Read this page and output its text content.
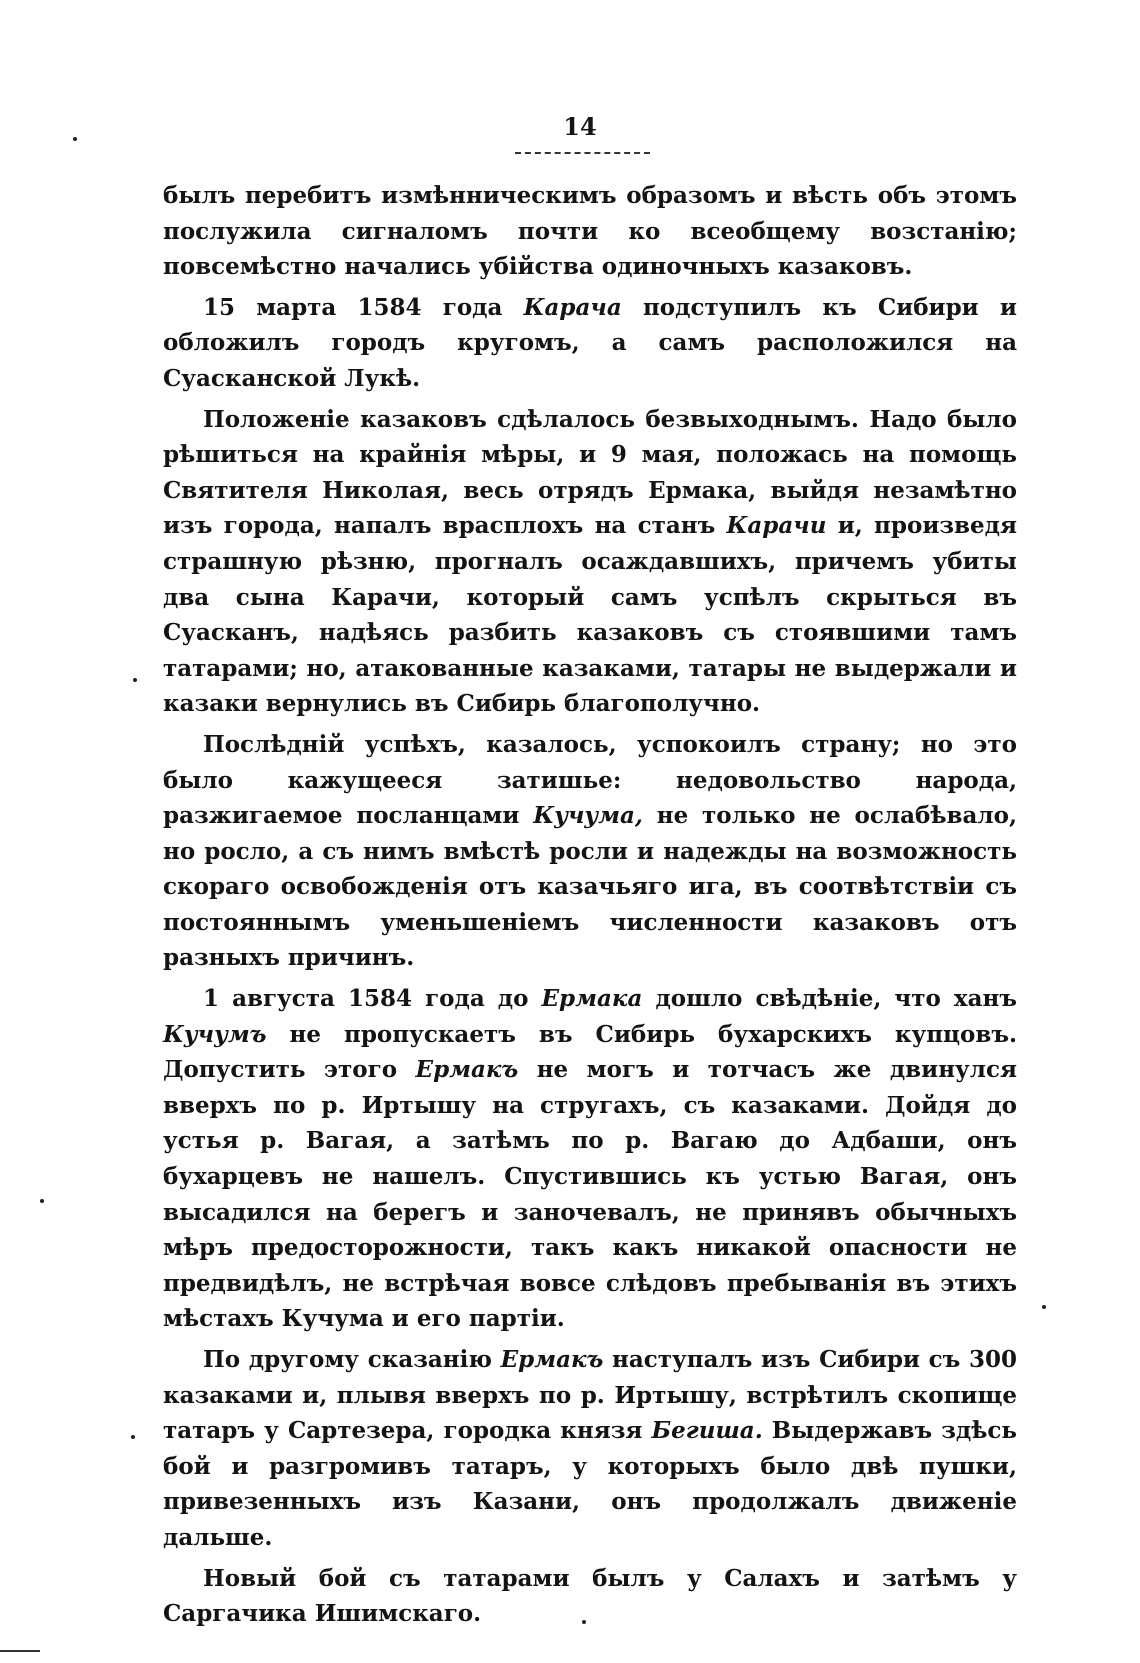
14

былъ перебитъ измѣнническимъ образомъ и вѣсть объ этомъ послужила сигналомъ почти ко всеобщему возстанію; повсемѣстно начались убійства одиночныхъ казаковъ.

15 марта 1584 года Карача подступилъ къ Сибири и обложилъ городъ кругомъ, а самъ расположился на Суасканской Лукѣ.

Положеніе казаковъ сдѣлалось безвыходнымъ. Надо было рѣшиться на крайнія мѣры, и 9 мая, положась на помощь Святителя Николая, весь отрядъ Ермака, выйдя незамѣтно изъ города, напалъ врасплохъ на станъ Карачи и, произведя страшную рѣзню, прогналъ осаждавшихъ, причемъ убиты два сына Карачи, который самъ успѣлъ скрыться въ Суасканъ, надѣясь разбить казаковъ съ стоявшими тамъ татарами; но, атакованные казаками, татары не выдержали и казаки вернулись въ Сибирь благополучно.

Послѣдній успѣхъ, казалось, успокоилъ страну; но это было кажущееся затишье: недовольство народа, разжигаемое посланцами Кучума, не только не ослабѣвало, но росло, а съ нимъ вмѣстѣ росли и надежды на возможность скораго освобожденія отъ казачьяго ига, въ соотвѣтствіи съ постояннымъ уменьшеніемъ численности казаковъ отъ разныхъ причинъ.

1 августа 1584 года до Ермака дошло свѣдѣніе, что ханъ Кучумъ не пропускаетъ въ Сибирь бухарскихъ купцовъ. Допустить этого Ермакъ не могъ и тотчасъ же двинулся вверхъ по р. Иртышу на стругахъ, съ казаками. Дойдя до устья р. Вагая, а затѣмъ по р. Вагаю до Адбаши, онъ бухарцевъ не нашелъ. Спустившись къ устью Вагая, онъ высадился на берегъ и заночевалъ, не принявъ обычныхъ мѣръ предосторожности, такъ какъ никакой опасности не предвидѣлъ, не встрѣчая вовсе слѣдовъ пребыванія въ этихъ мѣстахъ Кучума и его партіи.

По другому сказанію Ермакъ наступалъ изъ Сибири съ 300 казаками и, плывя вверхъ по р. Иртышу, встрѣтилъ скопище татаръ у Сартезера, городка князя Бегиша. Выдержавъ здѣсь бой и разгромивъ татаръ, у которыхъ было двѣ пушки, привезенныхъ изъ Казани, онъ продолжалъ движеніе дальше.

Новый бой съ татарами былъ у Салахъ и затѣмъ у Саргачика Ишимскаго.
